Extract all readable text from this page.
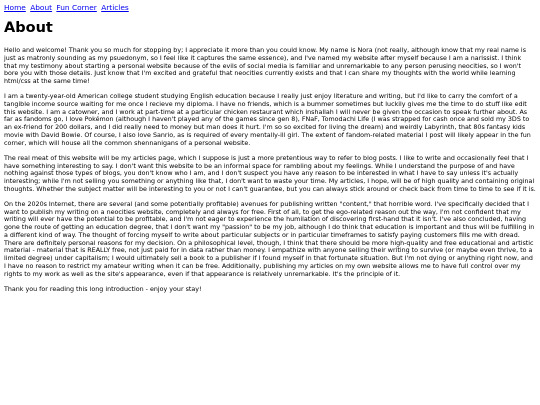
Home About Fun Corner Articles
About

Hello and welcome! Thank you so much for stopping by; I appreciate it more than you could know. My name is Nora (not really, although know that my real name is just as matronly sounding as my psuedonym, so I feel like it captures the same essence), and I've named my website after myself because I am a narissist. I think that my testimony about starting a personal website because of the evils of social media is familiar and unremarkable to any person perusing neocities, so I won't bore you with those details. Just know that I'm excited and grateful that neocities currently exists and that I can share my thoughts with the world while learning html/css at the same time!

I am a twenty-year-old American college student studying English education because I really just enjoy literature and writing, but I'd like to carry the comfort of a tangible income source waiting for me once I recieve my diploma. I have no friends, which is a bummer sometimes but luckily gives me the time to do stuff like edit this website. I am a catowner, and I work at part-time at a particular chicken restaurant which inshallah I will never be given the occasion to speak further about. As far as fandoms go, I love Pokémon (although I haven't played any of the games since gen 8), FNaF, Tomodachi Life (I was strapped for cash once and sold my 3DS to an ex-friend for 200 dollars, and I did really need to money but man does it hurt. I'm so so excited for living the dream) and weirdly Labyrinth, that 80s fantasy kids movie with David Bowie. Of course, I also love Sanrio, as is required of every mentally-ill girl. The extent of fandom-related material I post will likely appear in the fun corner, which will house all the common shennanigans of a personal website.

The real meat of this website will be my articles page, which I suppose is just a more pretentious way to refer to blog posts. I like to write and occasionally feel that I have something interesting to say. I don't want this website to be an informal space for rambling about my feelings. While I understand the purpose of and have nothing against those types of blogs, you don't know who I am, and I don't suspect you have any reason to be interested in what I have to say unless it's actually interesting; while I'm not selling you something or anything like that, I don't want to waste your time. My articles, I hope, will be of high quality and containing original thoughts. Whether the subject matter will be interesting to you or not I can't guarantee, but you can always stick around or check back from time to time to see if it is.

On the 2020s Internet, there are several (and some potentially profitable) avenues for publishing written "content," that horrible word. I've specifically decided that I want to publish my writing on a neocities website, completely and always for free. First of all, to get the ego-related reason out the way, I'm not confident that my writing will ever have the potential to be profitable, and I'm not eager to experience the humilation of discovering first-hand that it isn't. I've also concluded, having gone the route of getting an education degree, that I don't want my "passion" to be my job, although I do think that education is important and thus will be fulfilling in a different kind of way. The thought of forcing myself to write about particular subjects or in particular timeframes to satisfy paying customers fills me with dread. There are definitely personal reasons for my decision. On a philosophical level, though, I think that there should be more high-quality and free educational and artistic material - material that is REALLY free, not just paid for in data rather than money. I empathize with anyone selling their writing to survive (or maybe even thrive, to a limited degree) under capitalism; I would ultimately sell a book to a publisher if I found myself in that fortunate situation. But I'm not dying or anything right now, and I have no reason to restrict my amateur writing when it can be free. Additionally, publishing my articles on my own website allows me to have full control over my rights to my work as well as the site's appearance, even if that appearance is relatively unremarkable. It's the principle of it.

Thank you for reading this long introduction - enjoy your stay!
